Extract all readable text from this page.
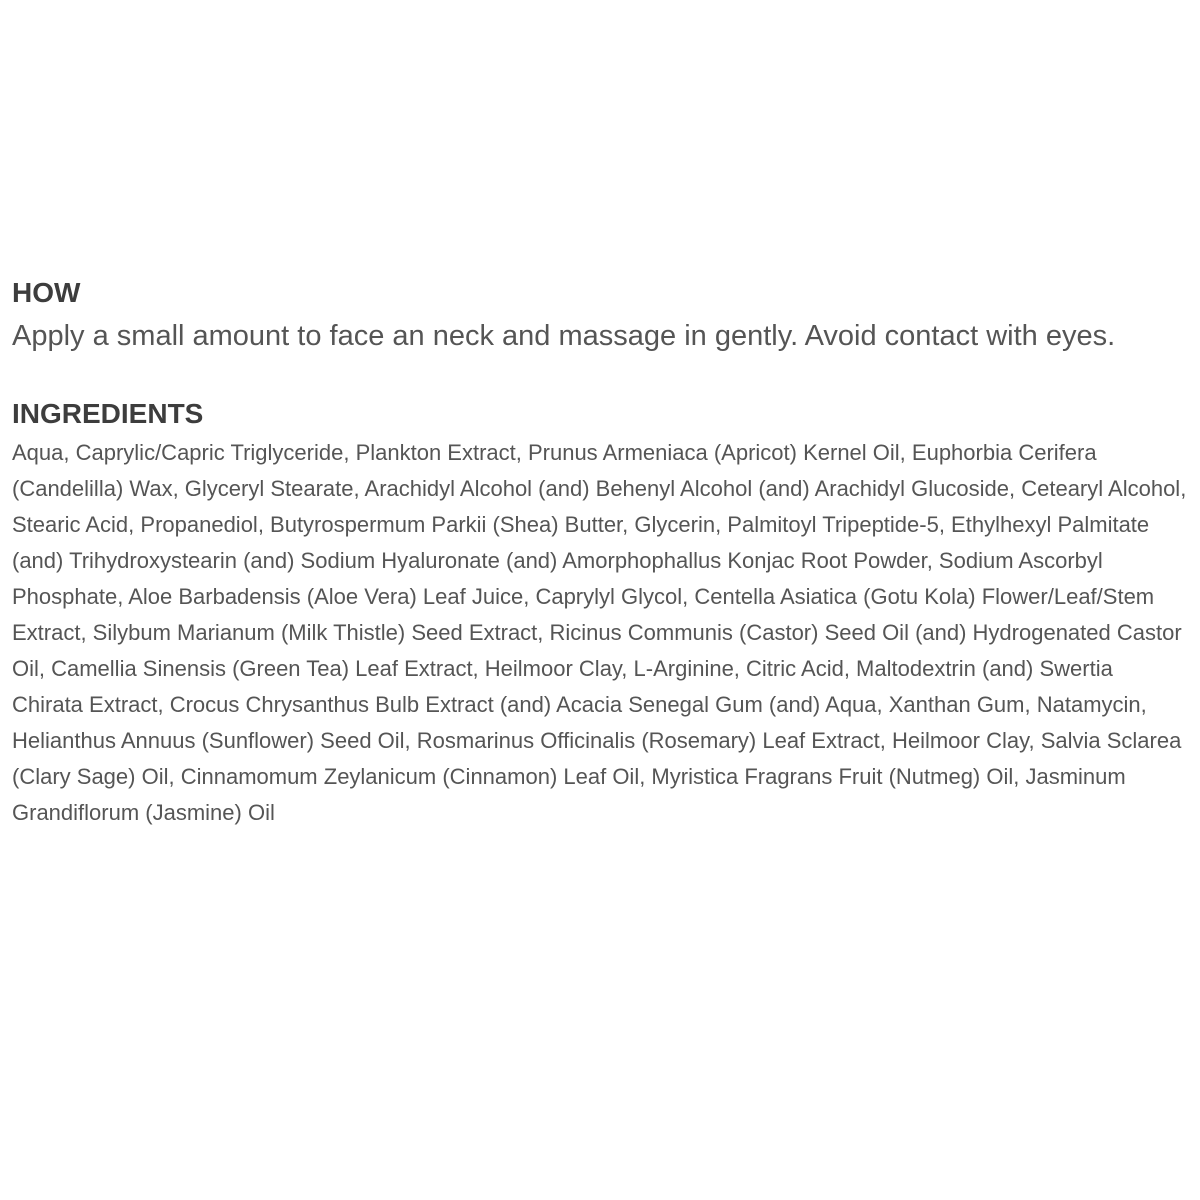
HOW

Apply a small amount to face an neck and massage in gently. Avoid contact with eyes.

INGREDIENTS

Aqua, Caprylic/Capric Triglyceride, Plankton Extract, Prunus Armeniaca (Apricot) Kernel Oil, Euphorbia Cerifera (Candelilla) Wax, Glyceryl Stearate, Arachidyl Alcohol (and) Behenyl Alcohol (and) Arachidyl Glucoside, Cetearyl Alcohol, Stearic Acid, Propanediol, Butyrospermum Parkii (Shea) Butter, Glycerin, Palmitoyl Tripeptide-5, Ethylhexyl Palmitate (and) Trihydroxystearin (and) Sodium Hyaluronate (and) Amorphophallus Konjac Root Powder, Sodium Ascorbyl Phosphate, Aloe Barbadensis (Aloe Vera) Leaf Juice, Caprylyl Glycol, Centella Asiatica (Gotu Kola) Flower/Leaf/Stem Extract, Silybum Marianum (Milk Thistle) Seed Extract, Ricinus Communis (Castor) Seed Oil (and) Hydrogenated Castor Oil, Camellia Sinensis (Green Tea) Leaf Extract, Heilmoor Clay, L-Arginine, Citric Acid, Maltodextrin (and) Swertia Chirata Extract, Crocus Chrysanthus Bulb Extract (and) Acacia Senegal Gum (and) Aqua, Xanthan Gum, Natamycin, Helianthus Annuus (Sunflower) Seed Oil, Rosmarinus Officinalis (Rosemary) Leaf Extract, Heilmoor Clay, Salvia Sclarea (Clary Sage) Oil, Cinnamomum Zeylanicum (Cinnamon) Leaf Oil, Myristica Fragrans Fruit (Nutmeg) Oil, Jasminum Grandiflorum (Jasmine) Oil
